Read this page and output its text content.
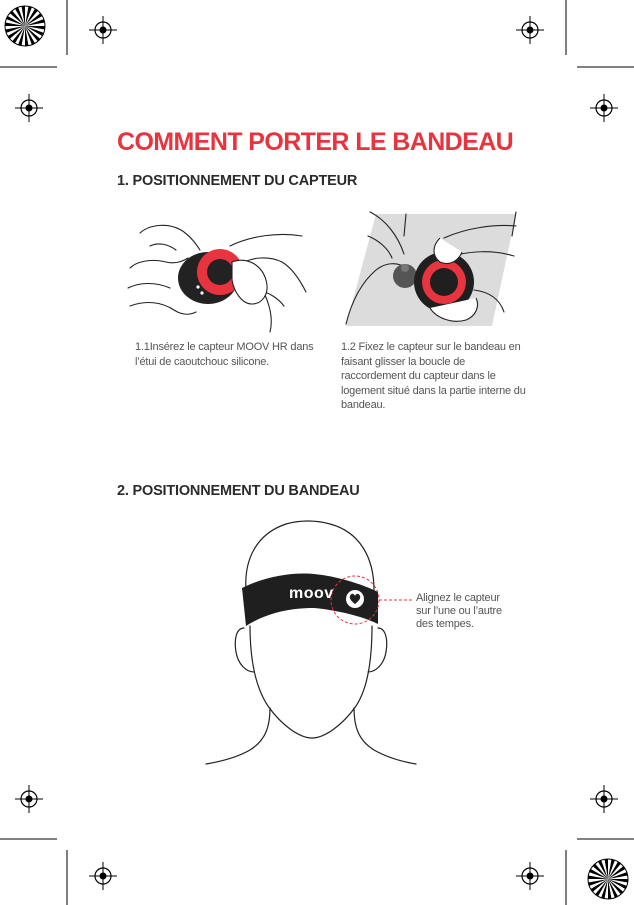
COMMENT PORTER LE BANDEAU
1. POSITIONNEMENT DU CAPTEUR
1.1Insérez le capteur MOOV HR dans l’étui de caoutchouc silicone.
1.2 Fixez le capteur sur le bandeau en faisant glisser la boucle de raccordement du capteur dans le logement situé dans la partie interne du bandeau.
2. POSITIONNEMENT DU BANDEAU
moov	Alignez le capteur sur l’une ou l’autre des tempes.
